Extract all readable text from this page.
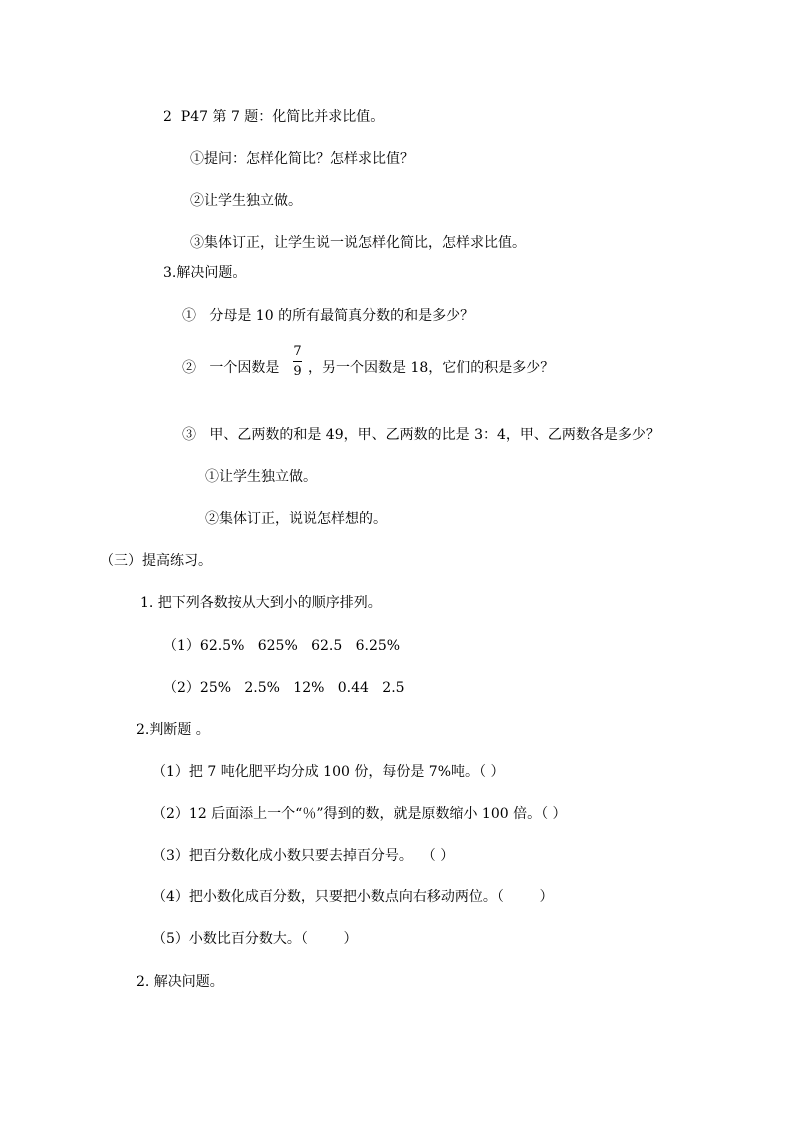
2  P47 第 7 题：化简比并求比值。
①提问：怎样化简比？怎样求比值？
②让学生独立做。
③集体订正，让学生说一说怎样化简比，怎样求比值。
3.解决问题。
①   分母是 10 的所有最简真分数的和是多少？
②   一个因数是
7
9 ，另一个因数是 18，它们的积是多少？
③   甲、乙两数的和是 49，甲、乙两数的比是 3：4，甲、乙两数各是多少？
①让学生独立做。
②集体订正，说说怎样想的。
（三）提高练习。
1. 把下列各数按从大到小的顺序排列。
（1）62.5%   625%   62.5   6.25%
（2）25%   2.5%   12%   0.44   2.5
2.判断题 。
（1）把 7 吨化肥平均分成 100 份，每份是 7%吨。（ ）
（2）12 后面添上一个“％”得到的数，就是原数缩小 100 倍。（ ）
（3）把百分数化成小数只要去掉百分号。  （ ）
（4）把小数化成百分数，只要把小数点向右移动两位。（        ）
（5）小数比百分数大。（        ）
2. 解决问题。
